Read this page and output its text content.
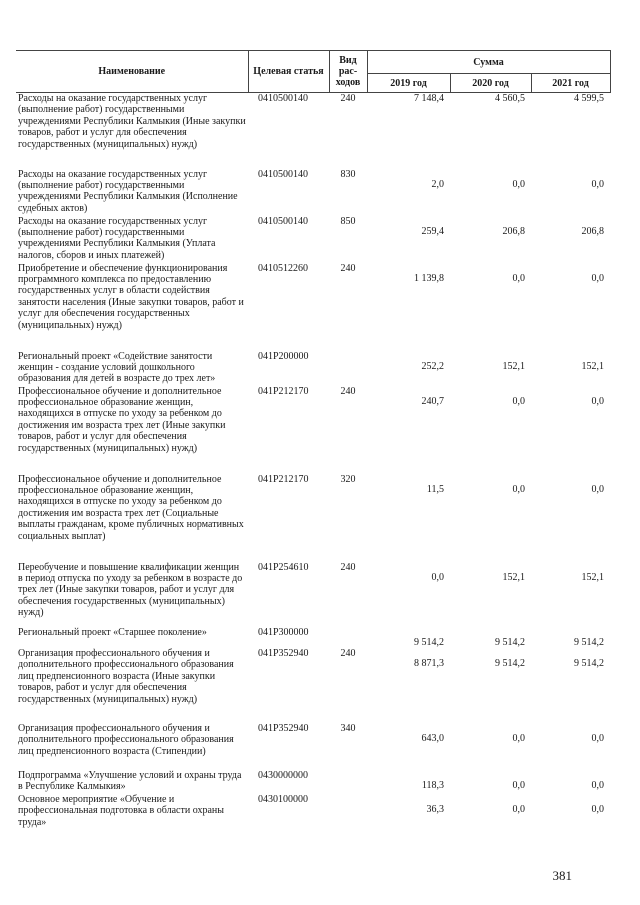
Наименование	Целевая статья	Вид рас-ходов	Сумма		
			2019 год	2020 год	2021 год
Расходы на оказание государственных услуг (выполнение работ) государственными учреждениями Республики Калмыкия (Иные закупки товаров, работ и услуг для обеспечения государственных (муниципальных) нужд)	0410500140	240	7 148,4	4 560,5	4 599,5
Расходы на оказание государственных услуг (выполнение работ) государственными учреждениями Республики Калмыкия (Исполнение судебных актов)	0410500140	830	2,0	0,0	0,0
Расходы на оказание государственных услуг (выполнение работ) государственными учреждениями Республики Калмыкия (Уплата налогов, сборов и иных платежей)	0410500140	850	259,4	206,8	206,8
Приобретение и обеспечение функционирования программного комплекса по предоставлению государственных услуг в области содействия занятости населения (Иные закупки товаров, работ и услуг для обеспечения государственных (муниципальных) нужд)	0410512260	240	1 139,8	0,0	0,0
Региональный проект «Содействие занятости женщин - создание условий дошкольного образования для детей в возрасте до трех лет»	041P200000		252,2	152,1	152,1
Профессиональное обучение и дополнительное профессиональное образование женщин, находящихся в отпуске по уходу за ребенком до достижения им возраста трех лет (Иные закупки товаров, работ и услуг для обеспечения государственных (муниципальных) нужд)	041P212170	240	240,7	0,0	0,0
Профессиональное обучение и дополнительное профессиональное образование женщин, находящихся в отпуске по уходу за ребенком до достижения им возраста трех лет (Социальные выплаты гражданам, кроме публичных нормативных социальных выплат)	041P212170	320	11,5	0,0	0,0
Переобучение и повышение квалификации женщин в период отпуска по уходу за ребенком в возрасте до трех лет (Иные закупки товаров, работ и услуг для обеспечения государственных (муниципальных) нужд)	041P254610	240	0,0	152,1	152,1
Региональный проект «Старшее поколение»	041P300000		9 514,2	9 514,2	9 514,2
Организация профессионального обучения и дополнительного профессионального образования лиц предпенсионного возраста (Иные закупки товаров, работ и услуг для обеспечения государственных (муниципальных) нужд)	041P352940	240	8 871,3	9 514,2	9 514,2
Организация профессионального обучения и дополнительного профессионального образования лиц предпенсионного возраста (Стипендии)	041P352940	340	643,0	0,0	0,0
Подпрограмма «Улучшение условий и охраны труда в Республике Калмыкия»	0430000000		118,3	0,0	0,0
Основное мероприятие «Обучение и профессиональная подготовка в области охраны труда»	0430100000		36,3	0,0	0,0
381
